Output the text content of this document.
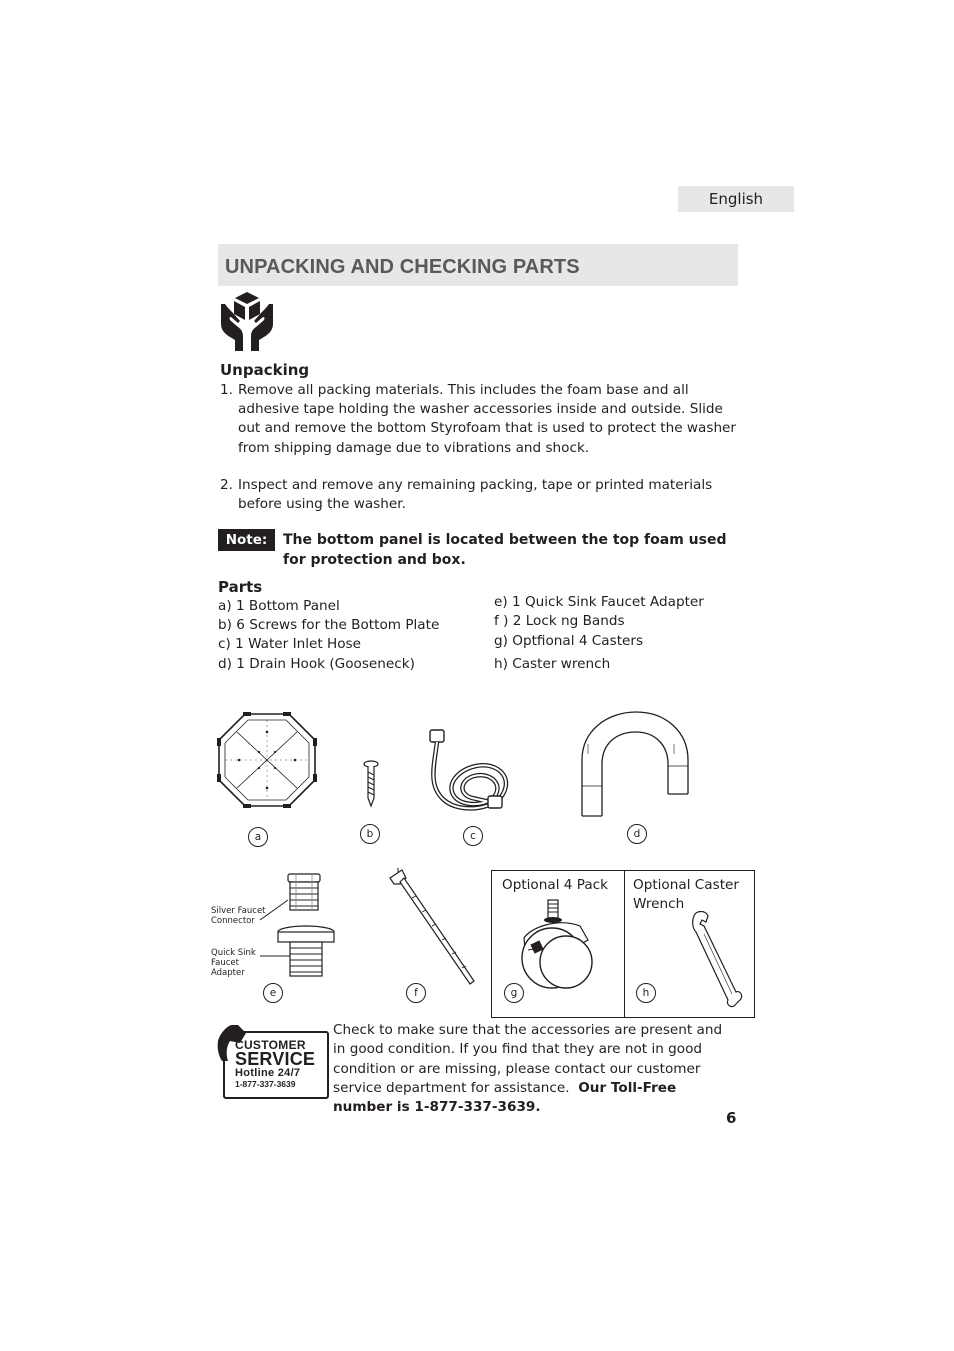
English
UNPACKING AND CHECKING PARTS
Unpacking
1. Remove all packing materials. This includes the foam base and all adhesive tape holding the washer accessories inside and outside. Slide out and remove the bottom Styrofoam that is used to protect the washer from shipping damage due to vibrations and shock.
2. Inspect and remove any remaining packing, tape or printed materials before using the washer.
Note:	The bottom panel is located between the top foam used for protection and box.
Parts
a) 1 Bottom Panel
b) 6 Screws for the Bottom Plate
c) 1 Water Inlet Hose
d) 1 Drain Hook (Gooseneck)
e) 1 Quick Sink Faucet Adapter
f ) 2 Lock ng Bands
g) Optfional 4 Casters
h) Caster wrench
a	b	c	d
Silver Faucet Connector
Quick Sink Faucet Adapter
e	f
Optional 4 Pack Optional Caster Wrench
g	h
CUSTOMER
SERVICE
Hotline 24/7
1-877-337-3639
Check to make sure that the accessories are present and in good condition. If you find that they are not in good condition or are missing, please contact our customer service department for assistance. Our Toll-Free number is 1-877-337-3639.
6
